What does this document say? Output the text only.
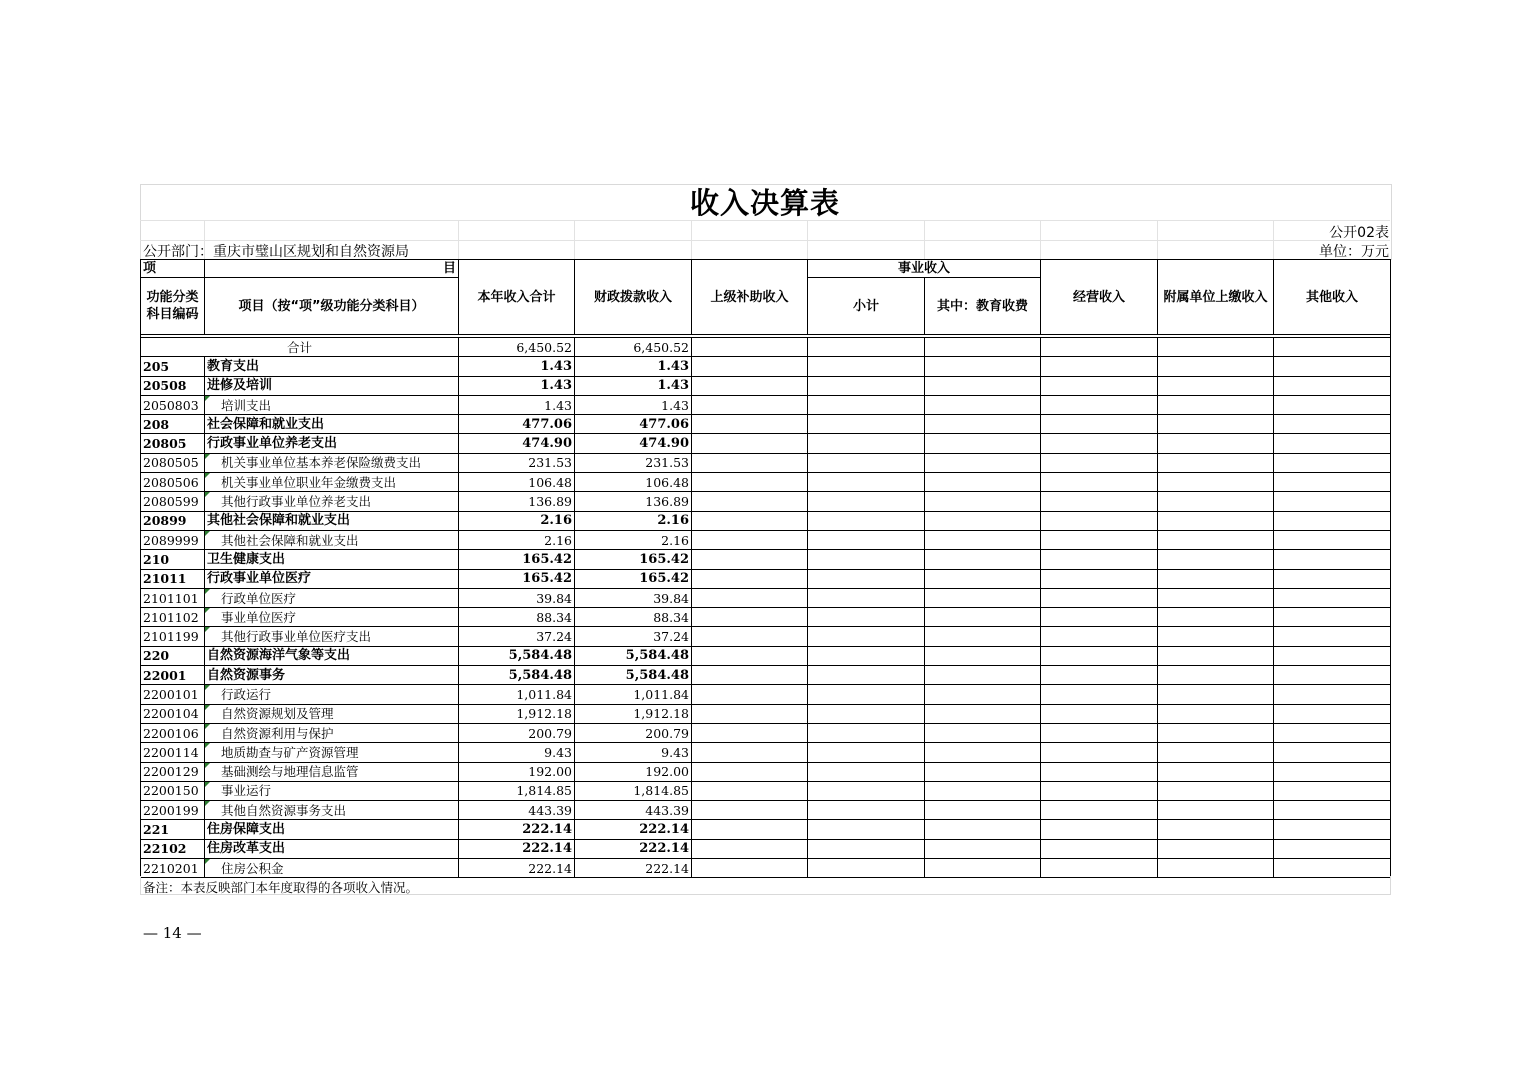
收入决算表
公开02表
公开部门：重庆市璧山区规划和自然资源局	单位：万元
项	目	本年收入合计	财政拨款收入	上级补助收入	事业收入		经营收入	附属单位上缴收入	其他收入
功能分类科目编码	项目（按“项”级功能分类科目）				小计	其中：教育收费			

合计		6,450.52	6,450.52						
205	教育支出	1.43	1.43						
20508	进修及培训	1.43	1.43						
2050803	培训支出	1.43	1.43						
208	社会保障和就业支出	477.06	477.06						
20805	行政事业单位养老支出	474.90	474.90						
2080505	机关事业单位基本养老保险缴费支出	231.53	231.53						
2080506	机关事业单位职业年金缴费支出	106.48	106.48						
2080599	其他行政事业单位养老支出	136.89	136.89						
20899	其他社会保障和就业支出	2.16	2.16						
2089999	其他社会保障和就业支出	2.16	2.16						
210	卫生健康支出	165.42	165.42						
21011	行政事业单位医疗	165.42	165.42						
2101101	行政单位医疗	39.84	39.84						
2101102	事业单位医疗	88.34	88.34						
2101199	其他行政事业单位医疗支出	37.24	37.24						
220	自然资源海洋气象等支出	5,584.48	5,584.48						
22001	自然资源事务	5,584.48	5,584.48						
2200101	行政运行	1,011.84	1,011.84						
2200104	自然资源规划及管理	1,912.18	1,912.18						
2200106	自然资源利用与保护	200.79	200.79						
2200114	地质勘查与矿产资源管理	9.43	9.43						
2200129	基础测绘与地理信息监管	192.00	192.00						
2200150	事业运行	1,814.85	1,814.85						
2200199	其他自然资源事务支出	443.39	443.39						
221	住房保障支出	222.14	222.14						
22102	住房改革支出	222.14	222.14						
2210201	住房公积金	222.14	222.14						
备注：本表反映部门本年度取得的各项收入情况。
— 14 —
